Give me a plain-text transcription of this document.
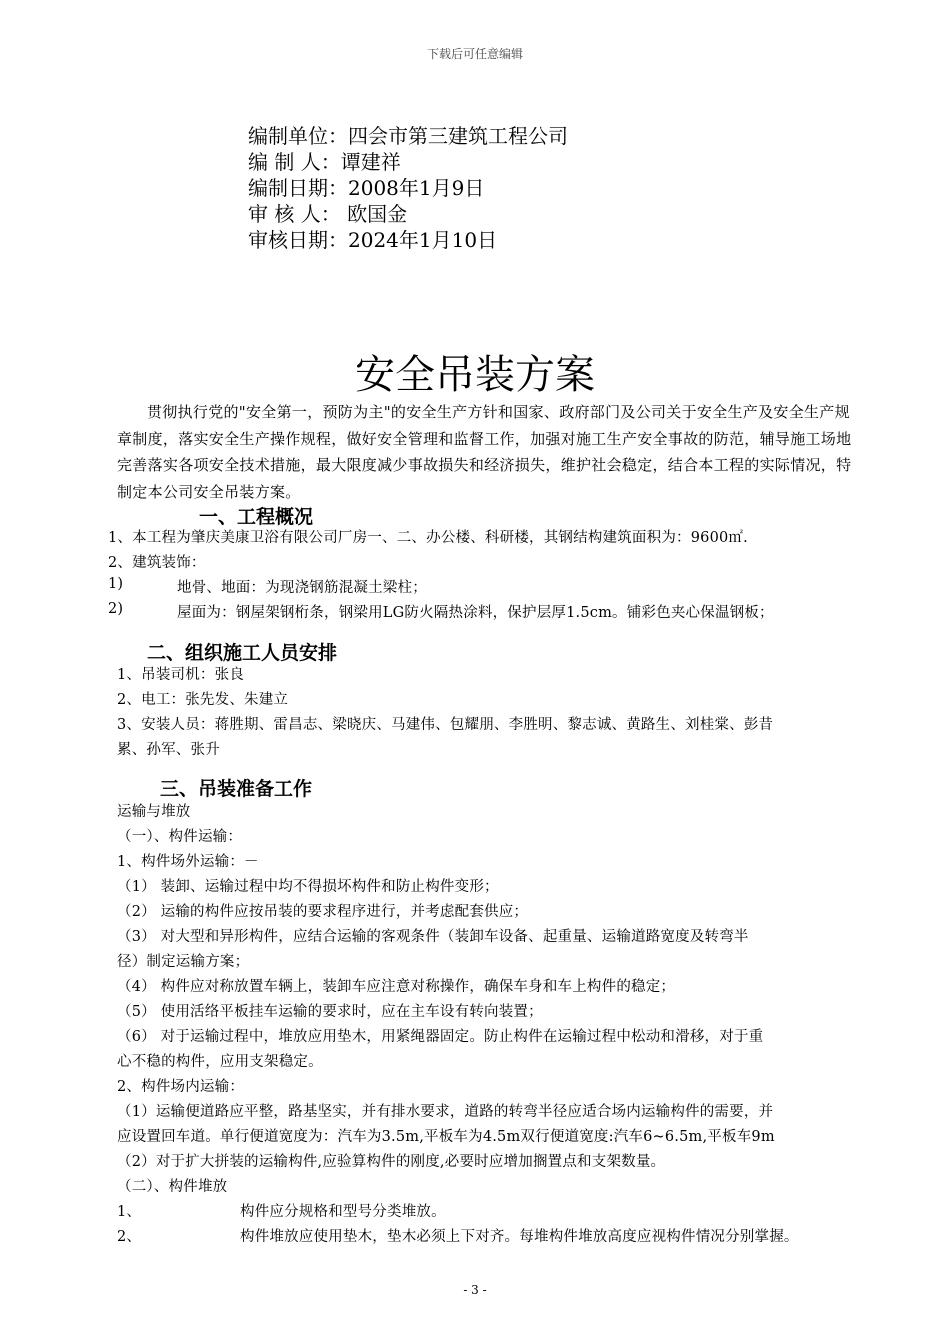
下载后可任意编辑
编制单位：四会市第三建筑工程公司
编 制 人：谭建祥
编制日期：2008年1月9日
审 核 人： 欧国金
审核日期：2024年1月10日
安全吊装方案
贯彻执行党的"安全第一，预防为主"的安全生产方针和国家、政府部门及公司关于安全生产及安全生产规章制度，落实安全生产操作规程，做好安全管理和监督工作，加强对施工生产安全事故的防范，辅导施工场地完善落实各项安全技术措施，最大限度减少事故损失和经济损失，维护社会稳定，结合本工程的实际情况，特制定本公司安全吊装方案。
一、工程概况
1、本工程为肇庆美康卫浴有限公司厂房一、二、办公楼、科研楼，其钢结构建筑面积为：9600㎡.
2、建筑装饰：
1)	地骨、地面：为现浇钢筋混凝土梁柱；
2)	屋面为：钢屋架钢桁条，钢梁用LG防火隔热涂料，保护层厚1.5cm。铺彩色夹心保温钢板；
二、组织施工人员安排
1、吊装司机：张良
2、电工：张先发、朱建立
3、安装人员：蒋胜期、雷昌志、梁晓庆、马建伟、包耀朋、李胜明、黎志诚、黄路生、刘桂棠、彭昔
累、孙军、张升
三、吊装准备工作
运输与堆放
（一）、构件运输：
1、构件场外运输：－
（1） 装卸、运输过程中均不得损坏构件和防止构件变形；
（2） 运输的构件应按吊装的要求程序进行，并考虑配套供应；
（3） 对大型和异形构件，应结合运输的客观条件（装卸车设备、起重量、运输道路宽度及转弯半
径）制定运输方案；
（4） 构件应对称放置车辆上，装卸车应注意对称操作，确保车身和车上构件的稳定；
（5） 使用活络平板挂车运输的要求时，应在主车设有转向装置；
（6） 对于运输过程中，堆放应用垫木，用紧绳器固定。防止构件在运输过程中松动和滑移，对于重
心不稳的构件，应用支架稳定。
2、构件场内运输：
（1）运输便道路应平整，路基坚实，并有排水要求，道路的转弯半径应适合场内运输构件的需要，并
应设置回车道。单行便道宽度为：汽车为3.5m,平板车为4.5m双行便道宽度:汽车6~6.5m,平板车9m
（2）对于扩大拼装的运输构件,应验算构件的刚度,必要时应增加搁置点和支架数量。
（二）、构件堆放
1、	构件应分规格和型号分类堆放。
2、	构件堆放应使用垫木，垫木必须上下对齐。每堆构件堆放高度应视构件情况分别掌握。
- 3 -
